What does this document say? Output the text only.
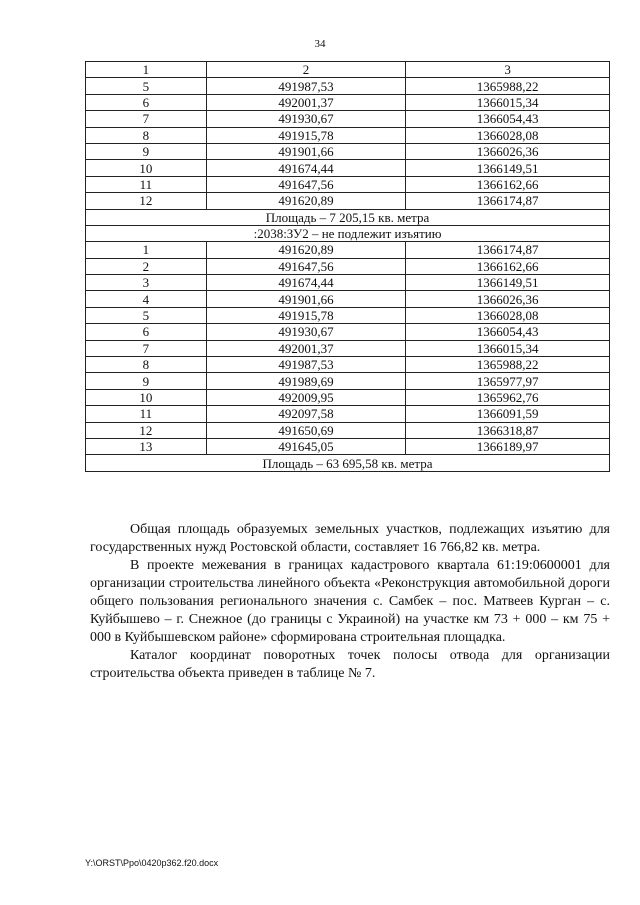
34
1	2	3
5	491987,53	1365988,22
6	492001,37	1366015,34
7	491930,67	1366054,43
8	491915,78	1366028,08
9	491901,66	1366026,36
10	491674,44	1366149,51
11	491647,56	1366162,66
12	491620,89	1366174,87
Площадь – 7 205,15 кв. метра		
:2038:ЗУ2 – не подлежит изъятию		
1	491620,89	1366174,87
2	491647,56	1366162,66
3	491674,44	1366149,51
4	491901,66	1366026,36
5	491915,78	1366028,08
6	491930,67	1366054,43
7	492001,37	1366015,34
8	491987,53	1365988,22
9	491989,69	1365977,97
10	492009,95	1365962,76
11	492097,58	1366091,59
12	491650,69	1366318,87
13	491645,05	1366189,97
Площадь – 63 695,58 кв. метра		

Общая площадь образуемых земельных участков, подлежащих изъятию для государственных нужд Ростовской области, составляет 16 766,82 кв. метра.

В проекте межевания в границах кадастрового квартала 61:19:0600001 для организации строительства линейного объекта «Реконструкция автомобильной дороги общего пользования регионального значения с. Самбек – пос. Матвеев Курган – с. Куйбышево – г. Снежное (до границы с Украиной) на участке км 73 + 000 – км 75 + 000 в Куйбышевском районе» сформирована строительная площадка.

Каталог координат поворотных точек полосы отвода для организации строительства объекта приведен в таблице № 7.

Y:\ORST\Ppo\0420p362.f20.docx
